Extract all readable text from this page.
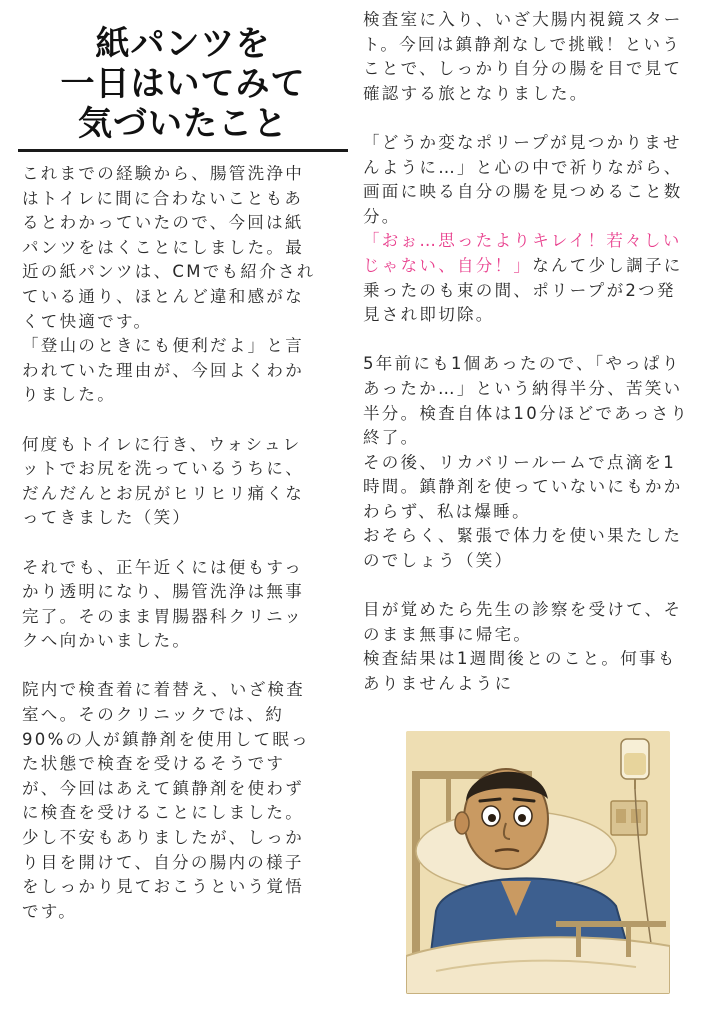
紙パンツを
一日はいてみて
気づいたこと

これまでの経験から、腸管洗浄中

はトイレに間に合わないこともあ

るとわかっていたので、今回は紙

パンツをはくことにしました。最

近の紙パンツは、CMでも紹介され

ている通り、ほとんど違和感がな

くて快適です。

「登山のときにも便利だよ」と言

われていた理由が、今回よくわか

りました。

何度もトイレに行き、ウォシュレ

ットでお尻を洗っているうちに、

だんだんとお尻がヒリヒリ痛くな

ってきました（笑）

それでも、正午近くには便もすっ

かり透明になり、腸管洗浄は無事

完了。そのまま胃腸器科クリニッ

クへ向かいました。

院内で検査着に着替え、いざ検査

室へ。そのクリニックでは、約

90%の人が鎮静剤を使用して眠っ

た状態で検査を受けるそうです

が、今回はあえて鎮静剤を使わず

に検査を受けることにしました。

少し不安もありましたが、しっか

り目を開けて、自分の腸内の様子

をしっかり見ておこうという覚悟

です。

検査室に入り、いざ大腸内視鏡スター

ト。今回は鎮静剤なしで挑戦！という

ことで、しっかり自分の腸を目で見て

確認する旅となりました。

「どうか変なポリープが見つかりませ

んように…」と心の中で祈りながら、

画面に映る自分の腸を見つめること数

分。

「おぉ…思ったよりキレイ！若々しい

じゃない、自分！」なんて少し調子に

乗ったのも束の間、ポリープが2つ発

見され即切除。

5年前にも1個あったので、「やっぱり

あったか…」という納得半分、苦笑い

半分。検査自体は10分ほどであっさり

終了。

その後、リカバリールームで点滴を1

時間。鎮静剤を使っていないにもかか

わらず、私は爆睡。

おそらく、緊張で体力を使い果たした

のでしょう（笑）

目が覚めたら先生の診察を受けて、そ

のまま無事に帰宅。

検査結果は1週間後とのこと。何事も

ありませんように
